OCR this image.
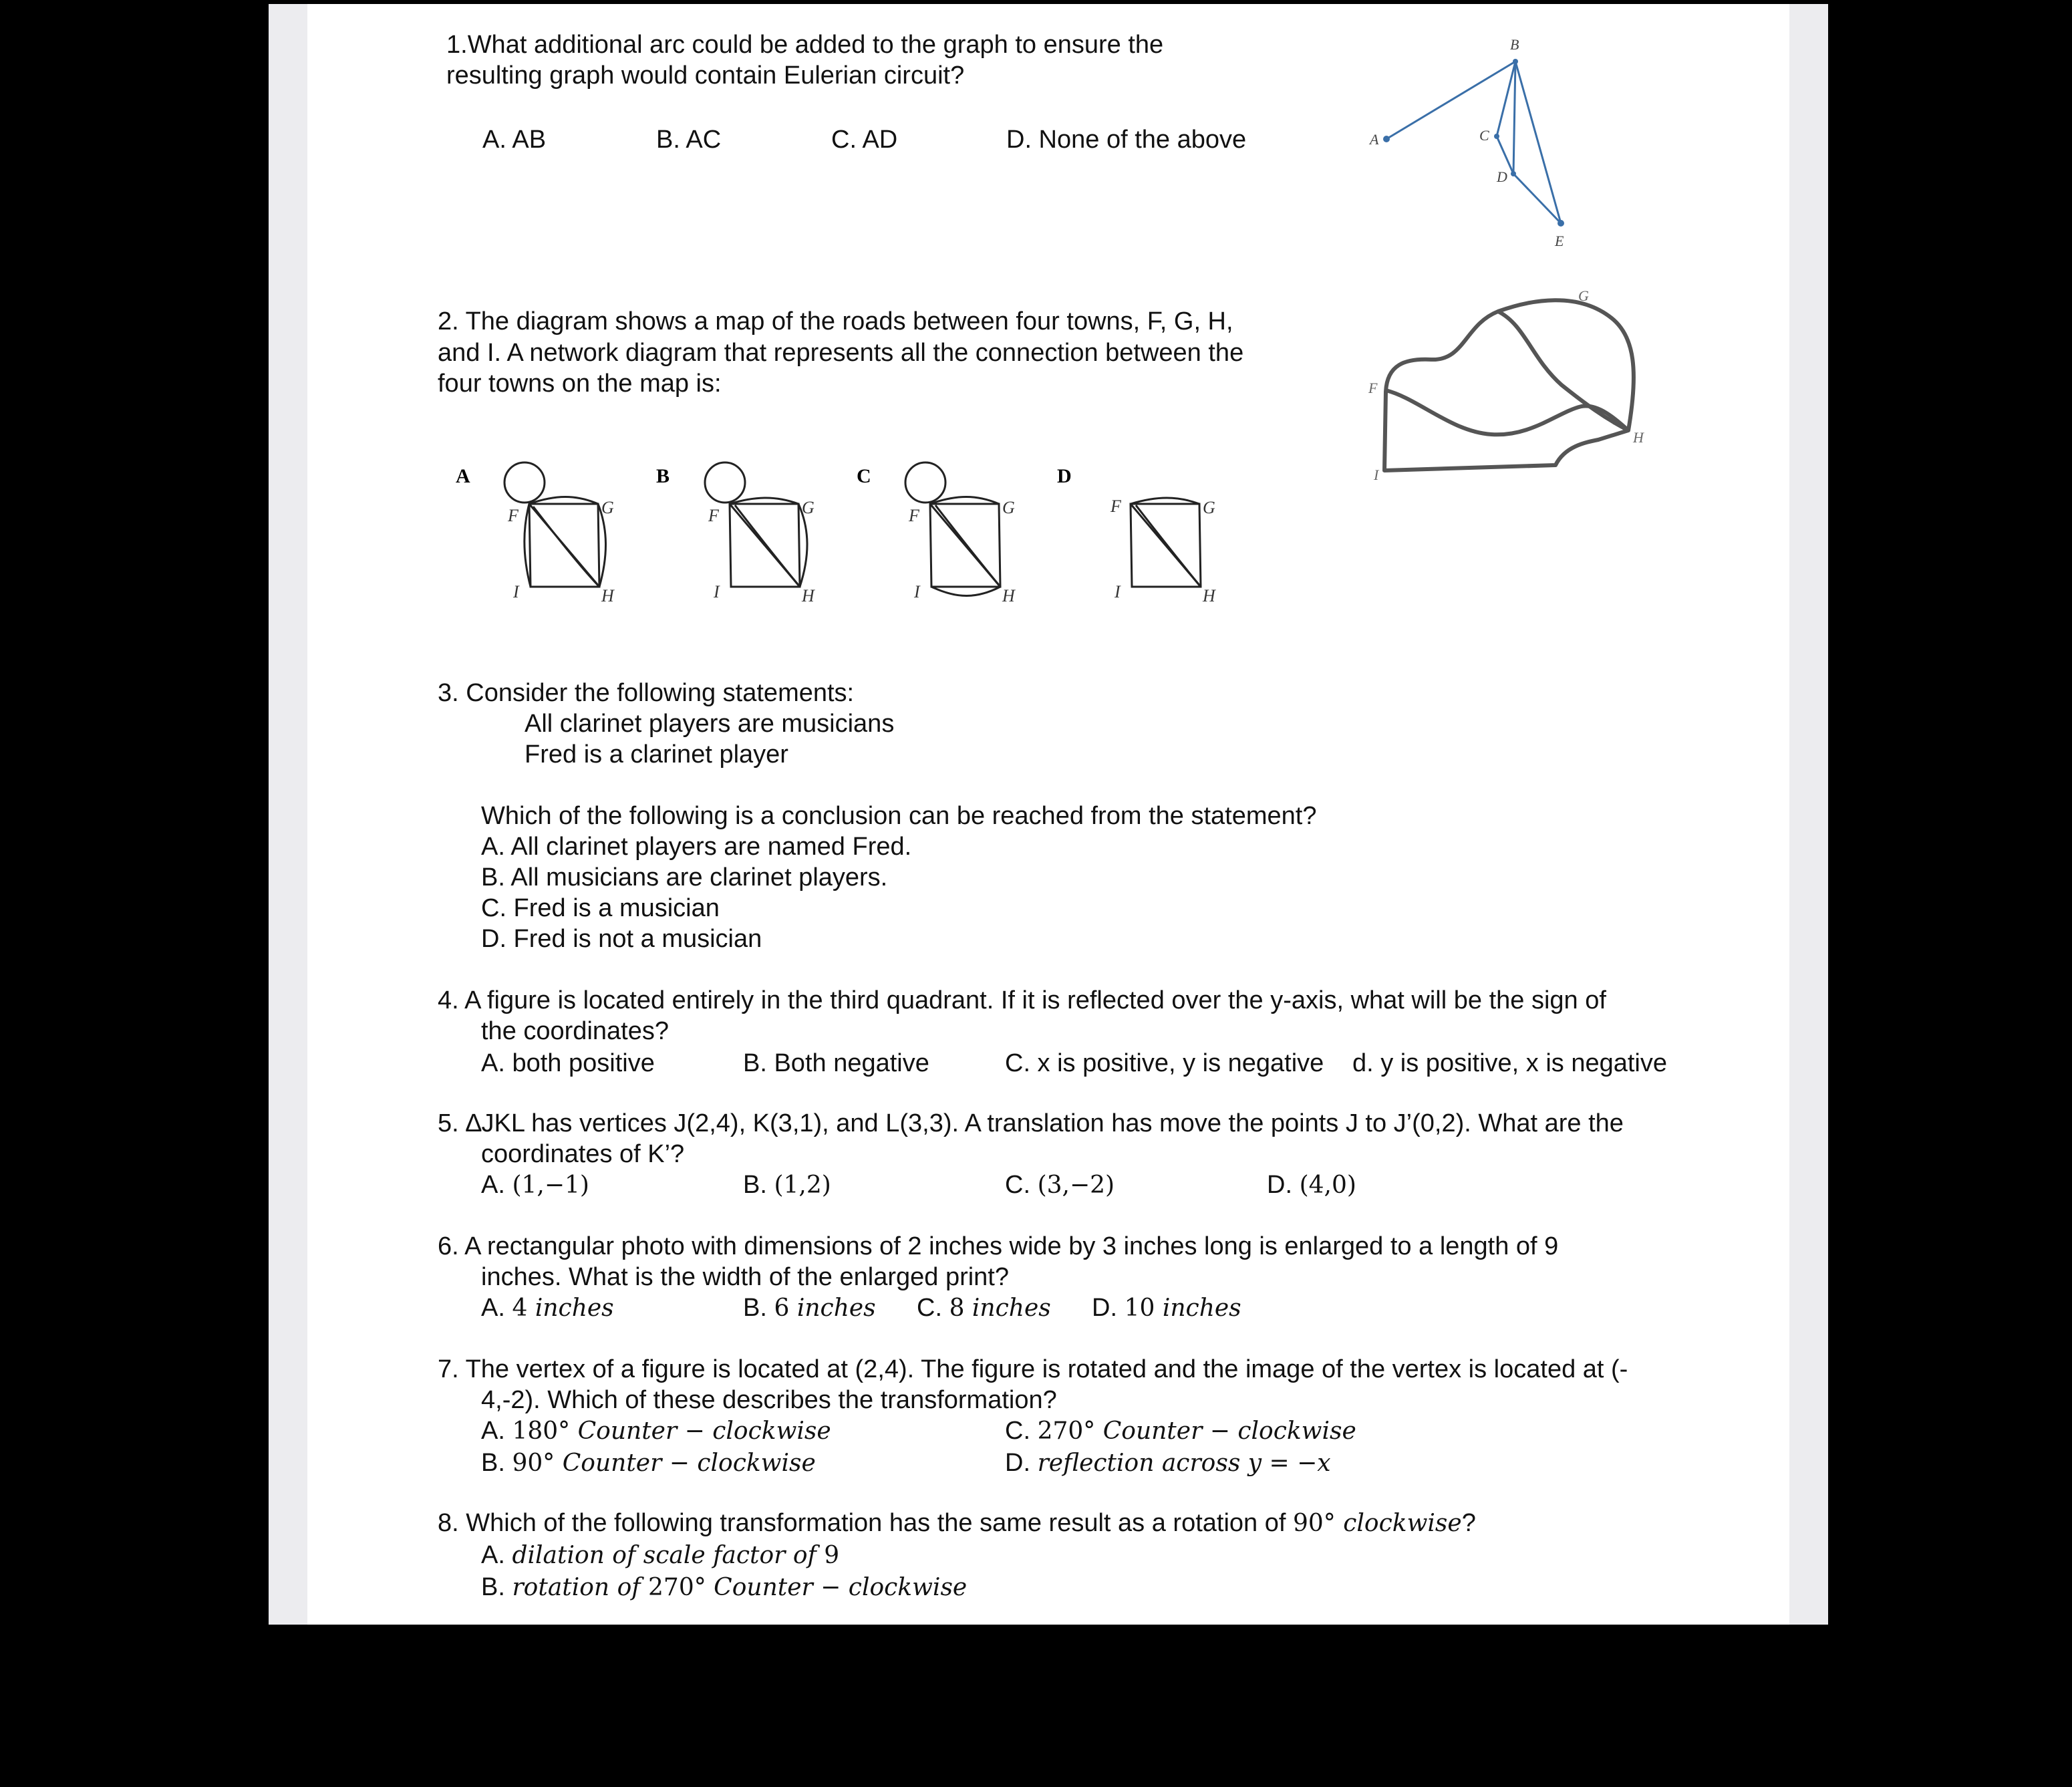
1.What additional arc could be added to the graph to ensure the
resulting graph would contain Eulerian circuit?
A. AB	B. AC	C. AD	D. None of the above	A
B
C
D
E
2. The diagram shows a map of the roads between four towns, F, G, H,
and I. A network diagram that represents all the connection between the
four towns on the map is:
G
F
H
I
A
F	G
H
I
B
F	G
H
I
C
F	G
H
I
D
F	G
H
I
3. Consider the following statements:
All clarinet players are musicians
Fred is a clarinet player
Which of the following is a conclusion can be reached from the statement?
A. All clarinet players are named Fred.
B. All musicians are clarinet players.
C. Fred is a musician
D. Fred is not a musician
4. A figure is located entirely in the third quadrant. If it is reflected over the y-axis, what will be the sign of
the coordinates?
A. both positive	B. Both negative	C. x is positive, y is negative d. y is positive, x is negative
5. ∆JKL has vertices J(2,4), K(3,1), and L(3,3). A translation has move the points J to J’(0,2). What are the
coordinates of K’?
A. (1,−1)	B. (1,2)	C. (3,−2)	D. (4,0)
6. A rectangular photo with dimensions of 2 inches wide by 3 inches long is enlarged to a length of 9
inches. What is the width of the enlarged print?
A. 4 inches	B. 6 inches C. 8 inches D. 10 inches
7. The vertex of a figure is located at (2,4). The figure is rotated and the image of the vertex is located at (-
4,-2). Which of these describes the transformation?
A. 180° Counter − clockwise	C. 270° Counter − clockwise
B. 90° Counter − clockwise	D. reflection across y = −x
8. Which of the following transformation has the same result as a rotation of 90° clockwise?
A. dilation of scale factor of 9
B. rotation of 270° Counter − clockwise
